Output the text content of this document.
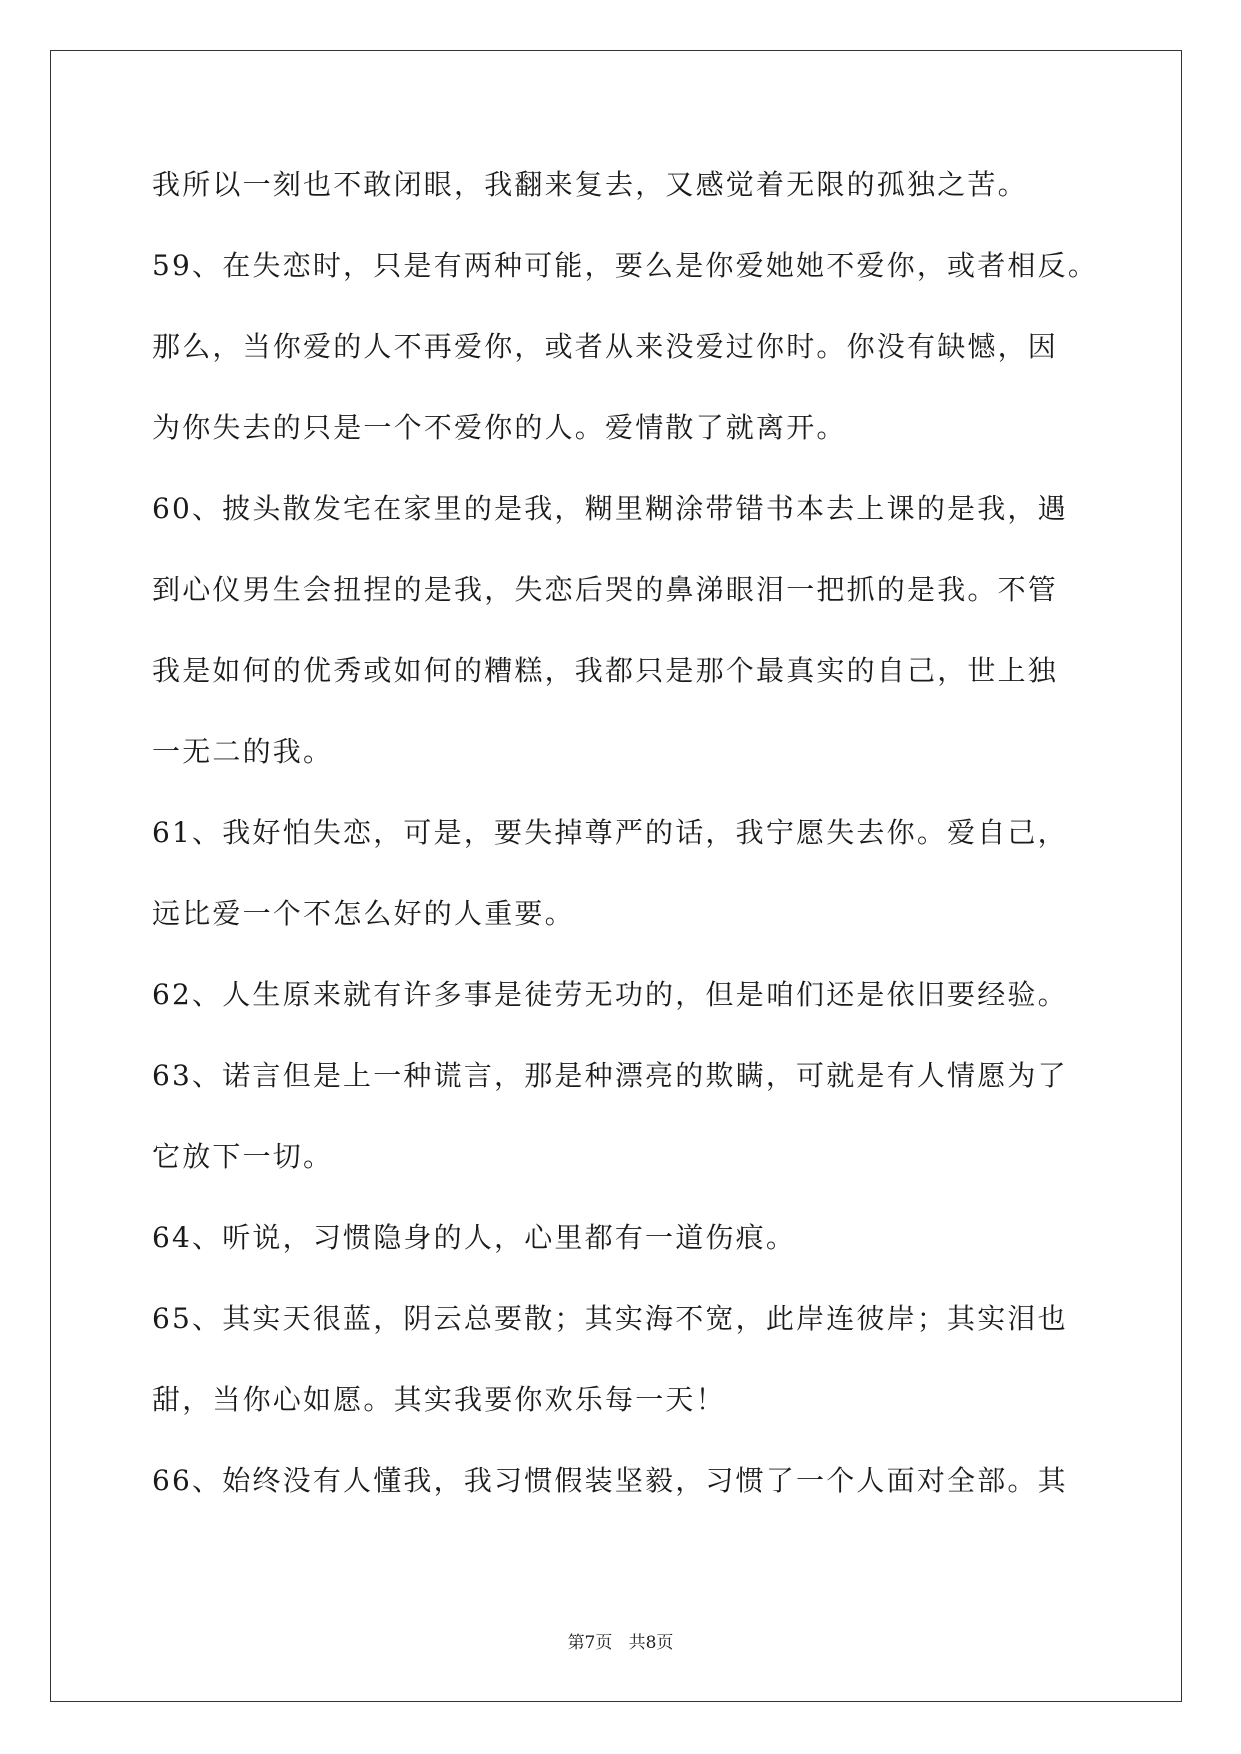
我所以一刻也不敢闭眼，我翻来复去，又感觉着无限的孤独之苦。
59、在失恋时，只是有两种可能，要么是你爱她她不爱你，或者相反。
那么，当你爱的人不再爱你，或者从来没爱过你时。你没有缺憾，因
为你失去的只是一个不爱你的人。爱情散了就离开。
60、披头散发宅在家里的是我，糊里糊涂带错书本去上课的是我，遇
到心仪男生会扭捏的是我，失恋后哭的鼻涕眼泪一把抓的是我。不管
我是如何的优秀或如何的糟糕，我都只是那个最真实的自己，世上独
一无二的我。
61、我好怕失恋，可是，要失掉尊严的话，我宁愿失去你。爱自己，
远比爱一个不怎么好的人重要。
62、人生原来就有许多事是徒劳无功的，但是咱们还是依旧要经验。
63、诺言但是上一种谎言，那是种漂亮的欺瞒，可就是有人情愿为了
它放下一切。
64、听说，习惯隐身的人，心里都有一道伤痕。
65、其实天很蓝，阴云总要散；其实海不宽，此岸连彼岸；其实泪也
甜，当你心如愿。其实我要你欢乐每一天！
66、始终没有人懂我，我习惯假装坚毅，习惯了一个人面对全部。其
第7页 共8页
